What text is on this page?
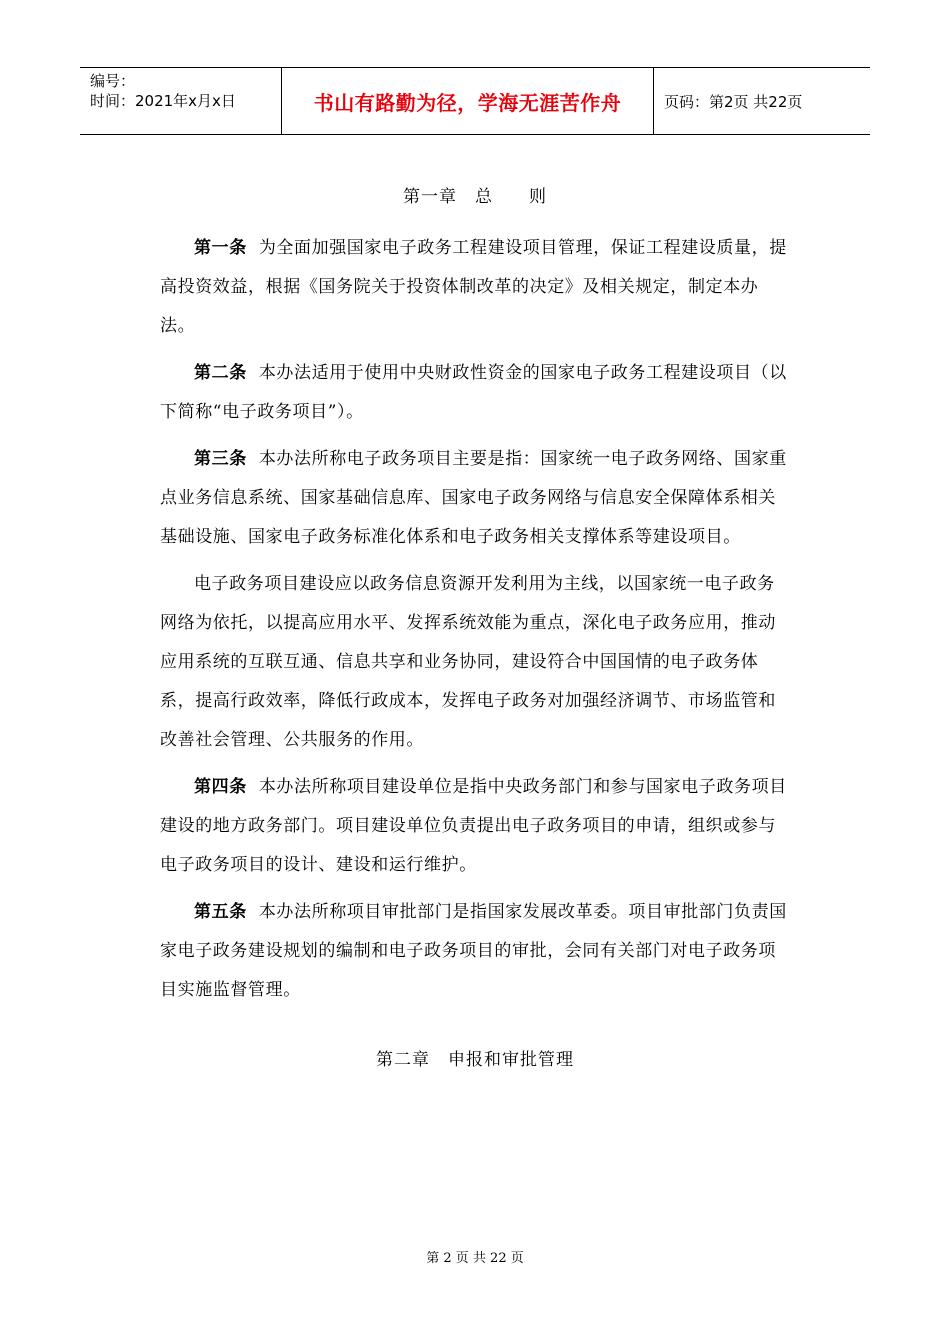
编号：
时间：2021年x月x日	书山有路勤为径，学海无涯苦作舟	页码：第2页 共22页
第一章　总　　则

第一条 为全面加强国家电子政务工程建设项目管理，保证工程建设质量，提高投资效益，根据《国务院关于投资体制改革的决定》及相关规定，制定本办法。

第二条 本办法适用于使用中央财政性资金的国家电子政务工程建设项目（以下简称“电子政务项目”）。

第三条 本办法所称电子政务项目主要是指：国家统一电子政务网络、国家重点业务信息系统、国家基础信息库、国家电子政务网络与信息安全保障体系相关基础设施、国家电子政务标准化体系和电子政务相关支撑体系等建设项目。

电子政务项目建设应以政务信息资源开发利用为主线，以国家统一电子政务网络为依托，以提高应用水平、发挥系统效能为重点，深化电子政务应用，推动应用系统的互联互通、信息共享和业务协同，建设符合中国国情的电子政务体系，提高行政效率，降低行政成本，发挥电子政务对加强经济调节、市场监管和改善社会管理、公共服务的作用。

第四条 本办法所称项目建设单位是指中央政务部门和参与国家电子政务项目建设的地方政务部门。项目建设单位负责提出电子政务项目的申请，组织或参与电子政务项目的设计、建设和运行维护。

第五条 本办法所称项目审批部门是指国家发展改革委。项目审批部门负责国家电子政务建设规划的编制和电子政务项目的审批，会同有关部门对电子政务项目实施监督管理。

第二章　申报和审批管理
第 2 页 共 22 页
